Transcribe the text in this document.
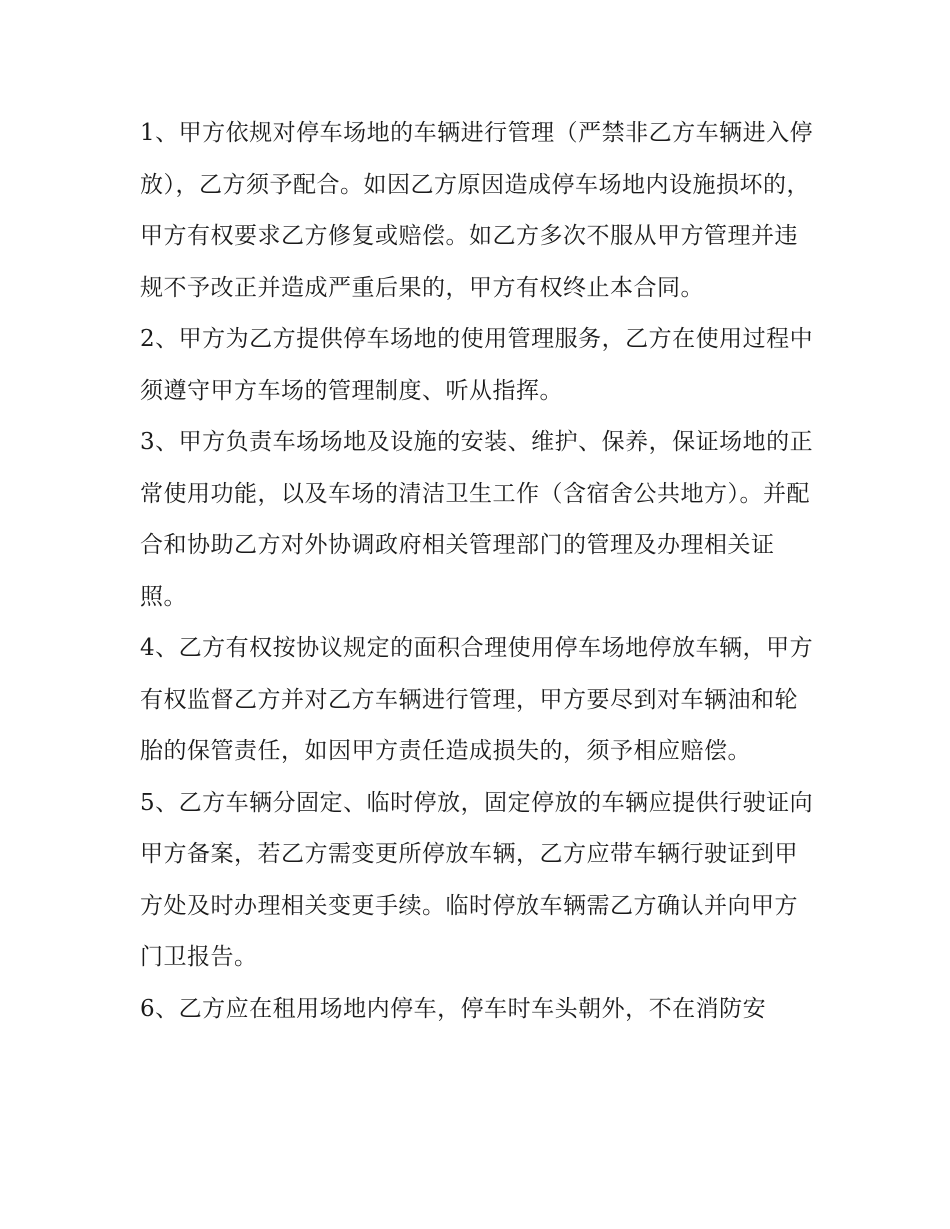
1、甲方依规对停车场地的车辆进行管理（严禁非乙方车辆进入停放），乙方须予配合。如因乙方原因造成停车场地内设施损坏的，甲方有权要求乙方修复或赔偿。如乙方多次不服从甲方管理并违规不予改正并造成严重后果的，甲方有权终止本合同。

2、甲方为乙方提供停车场地的使用管理服务，乙方在使用过程中须遵守甲方车场的管理制度、听从指挥。

3、甲方负责车场场地及设施的安装、维护、保养，保证场地的正常使用功能，以及车场的清洁卫生工作（含宿舍公共地方）。并配合和协助乙方对外协调政府相关管理部门的管理及办理相关证照。

4、乙方有权按协议规定的面积合理使用停车场地停放车辆，甲方有权监督乙方并对乙方车辆进行管理，甲方要尽到对车辆油和轮胎的保管责任，如因甲方责任造成损失的，须予相应赔偿。

5、乙方车辆分固定、临时停放，固定停放的车辆应提供行驶证向甲方备案，若乙方需变更所停放车辆，乙方应带车辆行驶证到甲方处及时办理相关变更手续。临时停放车辆需乙方确认并向甲方门卫报告。

6、乙方应在租用场地内停车，停车时车头朝外，不在消防安
